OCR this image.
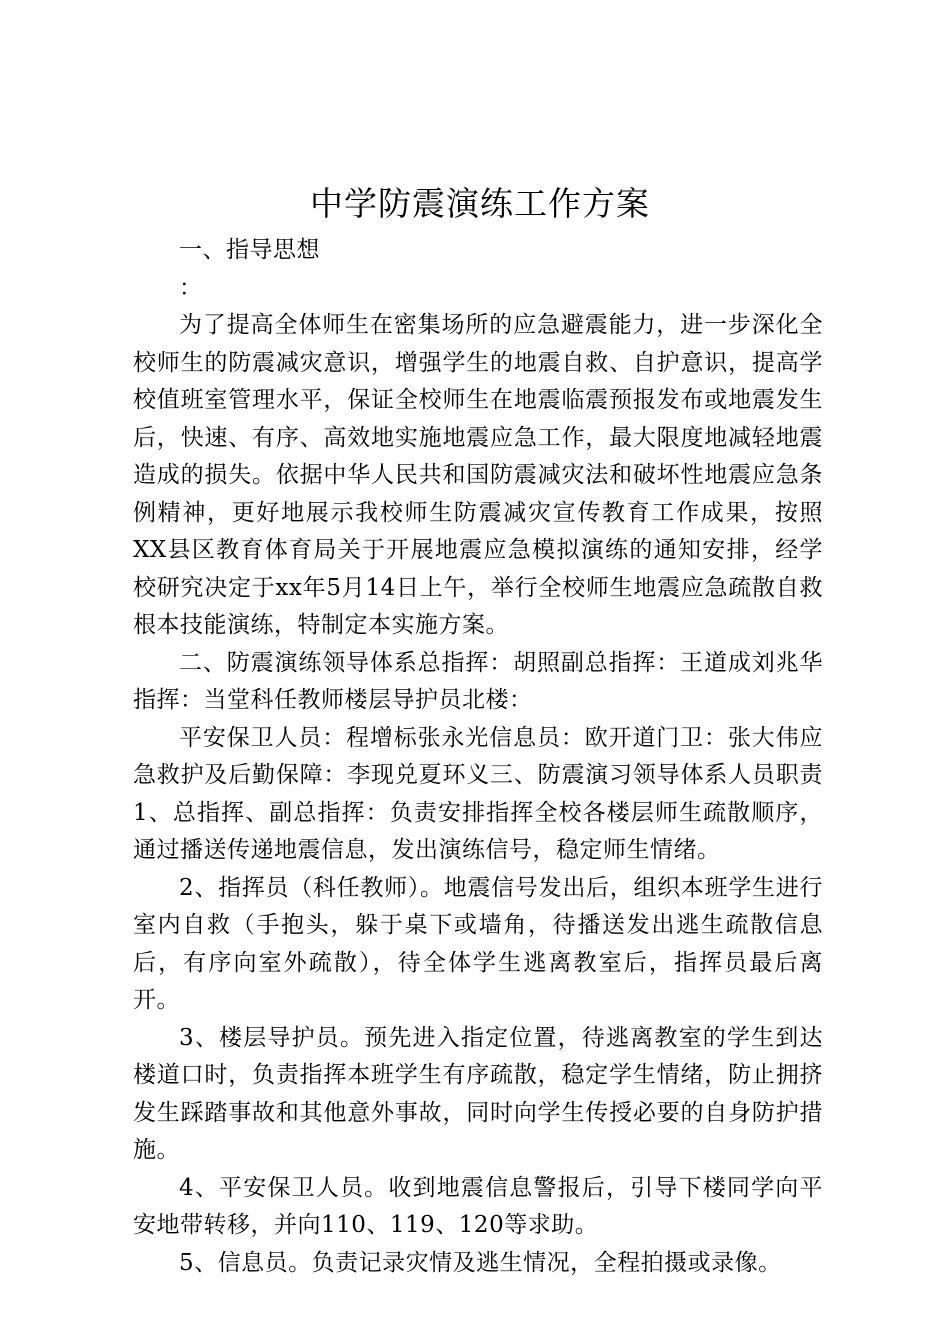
中学防震演练工作方案

一、指导思想

：

为了提高全体师生在密集场所的应急避震能力，进一步深化全校师生的防震减灾意识，增强学生的地震自救、自护意识，提高学校值班室管理水平，保证全校师生在地震临震预报发布或地震发生后，快速、有序、高效地实施地震应急工作，最大限度地减轻地震造成的损失。依据中华人民共和国防震减灾法和破坏性地震应急条例精神，更好地展示我校师生防震减灾宣传教育工作成果，按照XX县区教育体育局关于开展地震应急模拟演练的通知安排，经学校研究决定于xx年5月14日上午，举行全校师生地震应急疏散自救根本技能演练，特制定本实施方案。

二、防震演练领导体系总指挥：胡照副总指挥：王道成刘兆华指挥：当堂科任教师楼层导护员北楼：

平安保卫人员：程增标张永光信息员：欧开道门卫：张大伟应急救护及后勤保障：李现兑夏环义三、防震演习领导体系人员职责1、总指挥、副总指挥：负责安排指挥全校各楼层师生疏散顺序，通过播送传递地震信息，发出演练信号，稳定师生情绪。

2、指挥员（科任教师）。地震信号发出后，组织本班学生进行室内自救（手抱头，躲于桌下或墙角，待播送发出逃生疏散信息后，有序向室外疏散），待全体学生逃离教室后，指挥员最后离开。

3、楼层导护员。预先进入指定位置，待逃离教室的学生到达楼道口时，负责指挥本班学生有序疏散，稳定学生情绪，防止拥挤发生踩踏事故和其他意外事故，同时向学生传授必要的自身防护措施。

4、平安保卫人员。收到地震信息警报后，引导下楼同学向平安地带转移，并向110、119、120等求助。

5、信息员。负责记录灾情及逃生情况，全程拍摄或录像。
